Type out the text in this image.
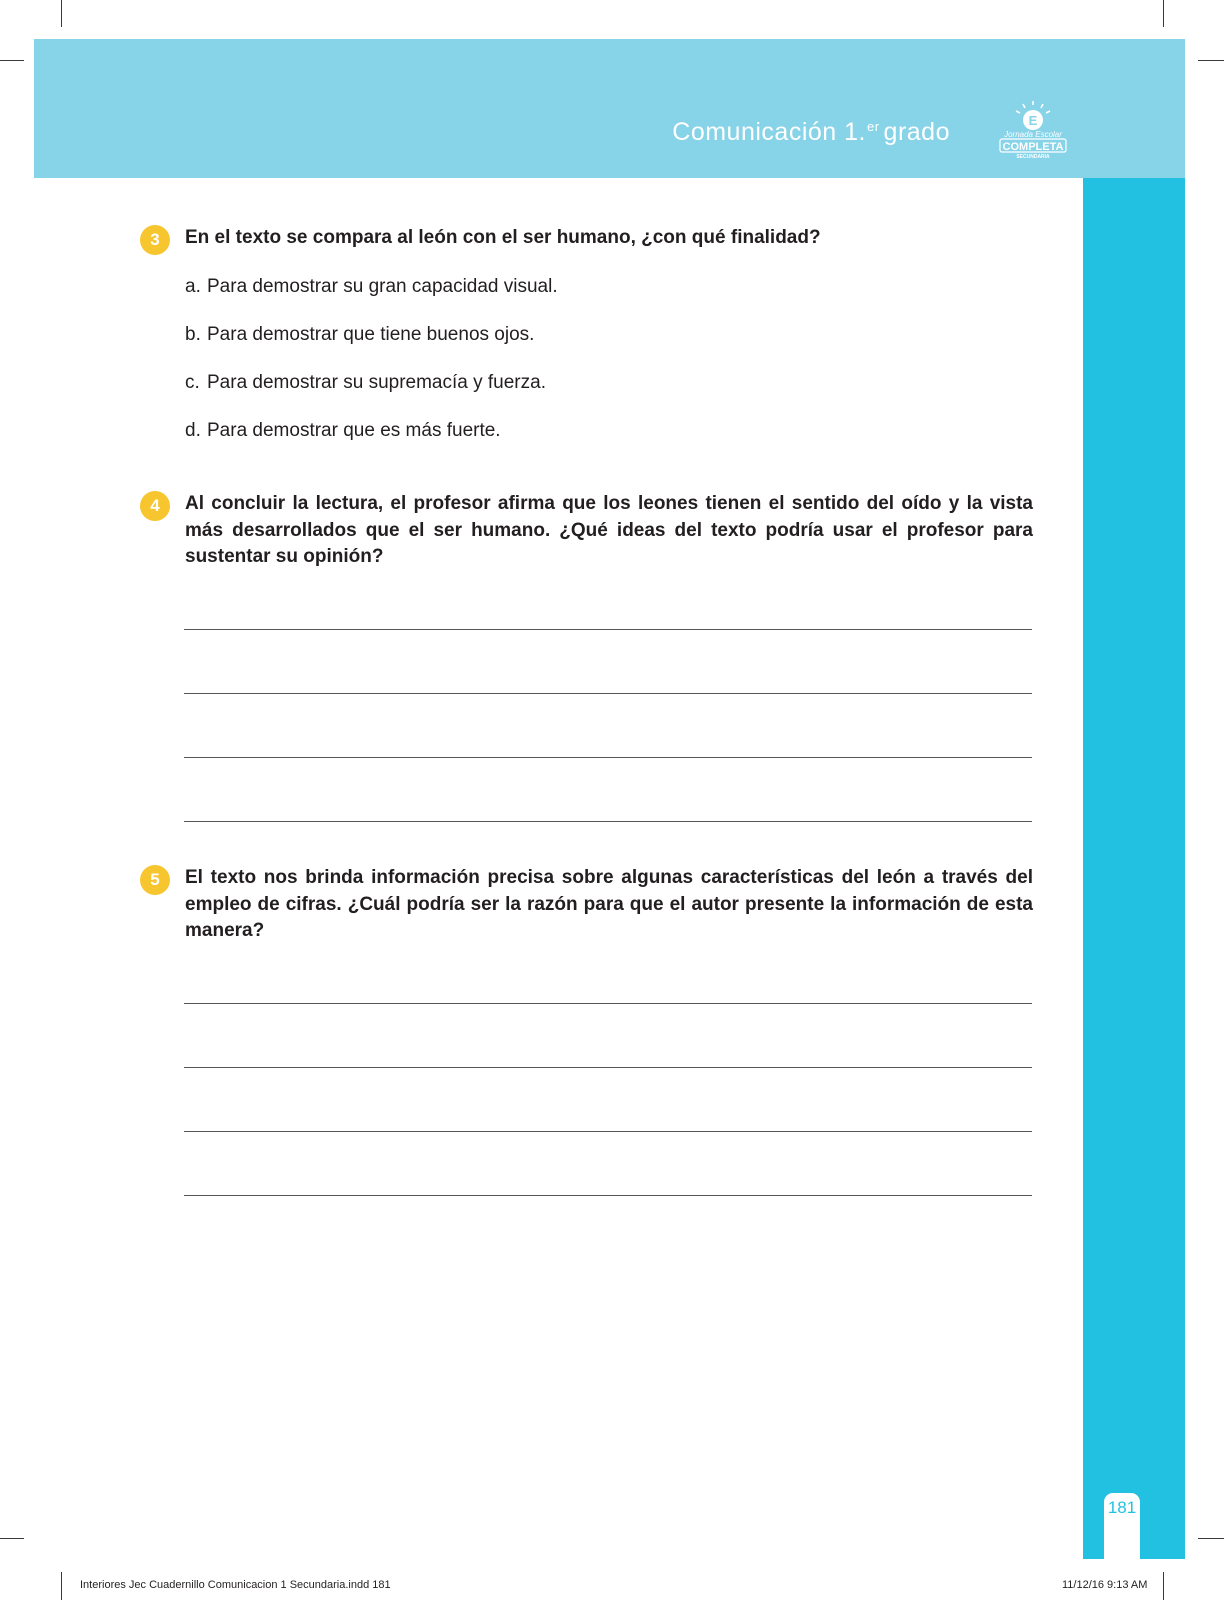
Comunicación 1.$^{er}$ grado	E
Jornada Escolar
COMPLETA
SECUNDARIA
181
3	En el texto se compara al león con el ser humano, ¿con qué finalidad?
a. Para demostrar su gran capacidad visual.
b. Para demostrar que tiene buenos ojos.
c. Para demostrar su supremacía y fuerza.
d. Para demostrar que es más fuerte.
4	Al concluir la lectura, el profesor afirma que los leones tienen el sentido del oído y la vista más desarrollados que el ser humano. ¿Qué ideas del texto podría usar el profesor para sustentar su opinión?
5	El texto nos brinda información precisa sobre algunas características del león a través del empleo de cifras. ¿Cuál podría ser la razón para que el autor presente la información de esta manera?
Interiores Jec Cuadernillo Comunicacion 1 Secundaria.indd 181	11/12/16 9:13 AM
